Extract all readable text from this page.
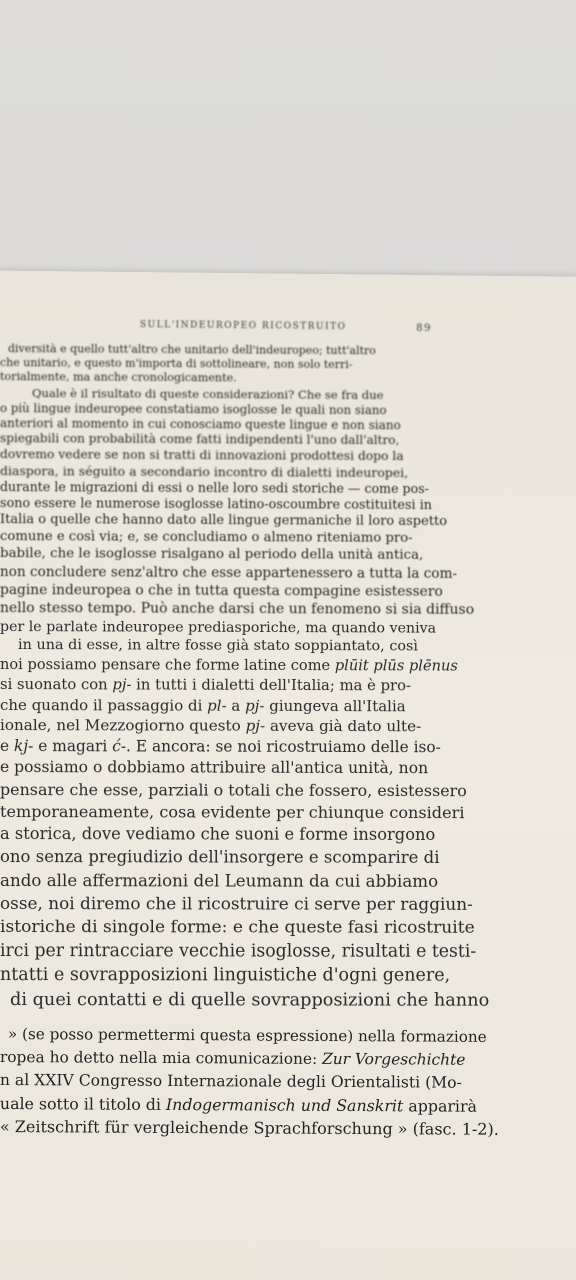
SULL'INDEUROPEO RICOSTRUITO	89
diversità e quello tutt'altro che unitario dell'indeuropeo; tutt'altro
che unitario, e questo m'importa di sottolineare, non solo terri-
torialmente, ma anche cronologicamente.
Quale è il risultato di queste considerazioni? Che se fra due
o più lingue indeuropee constatiamo isoglosse le quali non siano
anteriori al momento in cui conosciamo queste lingue e non siano
spiegabili con probabilità come fatti indipendenti l'uno dall'altro,
dovremo vedere se non si tratti di innovazioni prodottesi dopo la
diaspora, in séguito a secondario incontro di dialetti indeuropei,
durante le migrazioni di essi o nelle loro sedi storiche — come pos-
sono essere le numerose isoglosse latino-oscoumbre costituitesi in
Italia o quelle che hanno dato alle lingue germaniche il loro aspetto
comune e così via; e, se concludiamo o almeno riteniamo pro-
babile, che le isoglosse risalgano al periodo della unità antica,
non concludere senz'altro che esse appartenessero a tutta la com-
pagine indeuropea o che in tutta questa compagine esistessero
nello stesso tempo. Può anche darsi che un fenomeno si sia diffuso
per le parlate indeuropee prediasporiche, ma quando veniva
in una di esse, in altre fosse già stato soppiantato, così
noi possiamo pensare che forme latine come plūit plūs plēnus
si suonato con pj- in tutti i dialetti dell'Italia; ma è pro-
che quando il passaggio di pl- a pj- giungeva all'Italia
ionale, nel Mezzogiorno questo pj- aveva già dato ulte-
e kj- e magari ć-. E ancora: se noi ricostruiamo delle iso-
e possiamo o dobbiamo attribuire all'antica unità, non
pensare che esse, parziali o totali che fossero, esistessero
temporaneamente, cosa evidente per chiunque consideri
a storica, dove vediamo che suoni e forme insorgono
ono senza pregiudizio dell'insorgere e scomparire di
ando alle affermazioni del Leumann da cui abbiamo
osse, noi diremo che il ricostruire ci serve per raggiun-
istoriche di singole forme: e che queste fasi ricostruite
irci per rintracciare vecchie isoglosse, risultati e testi-
ntatti e sovrapposizioni linguistiche d'ogni genere,
di quei contatti e di quelle sovrapposizioni che hanno
» (se posso permettermi questa espressione) nella formazione
ropea ho detto nella mia comunicazione: Zur Vorgeschichte
n al XXIV Congresso Internazionale degli Orientalisti (Mo-
uale sotto il titolo di Indogermanisch und Sanskrit apparirà
« Zeitschrift für vergleichende Sprachforschung » (fasc. 1-2).
